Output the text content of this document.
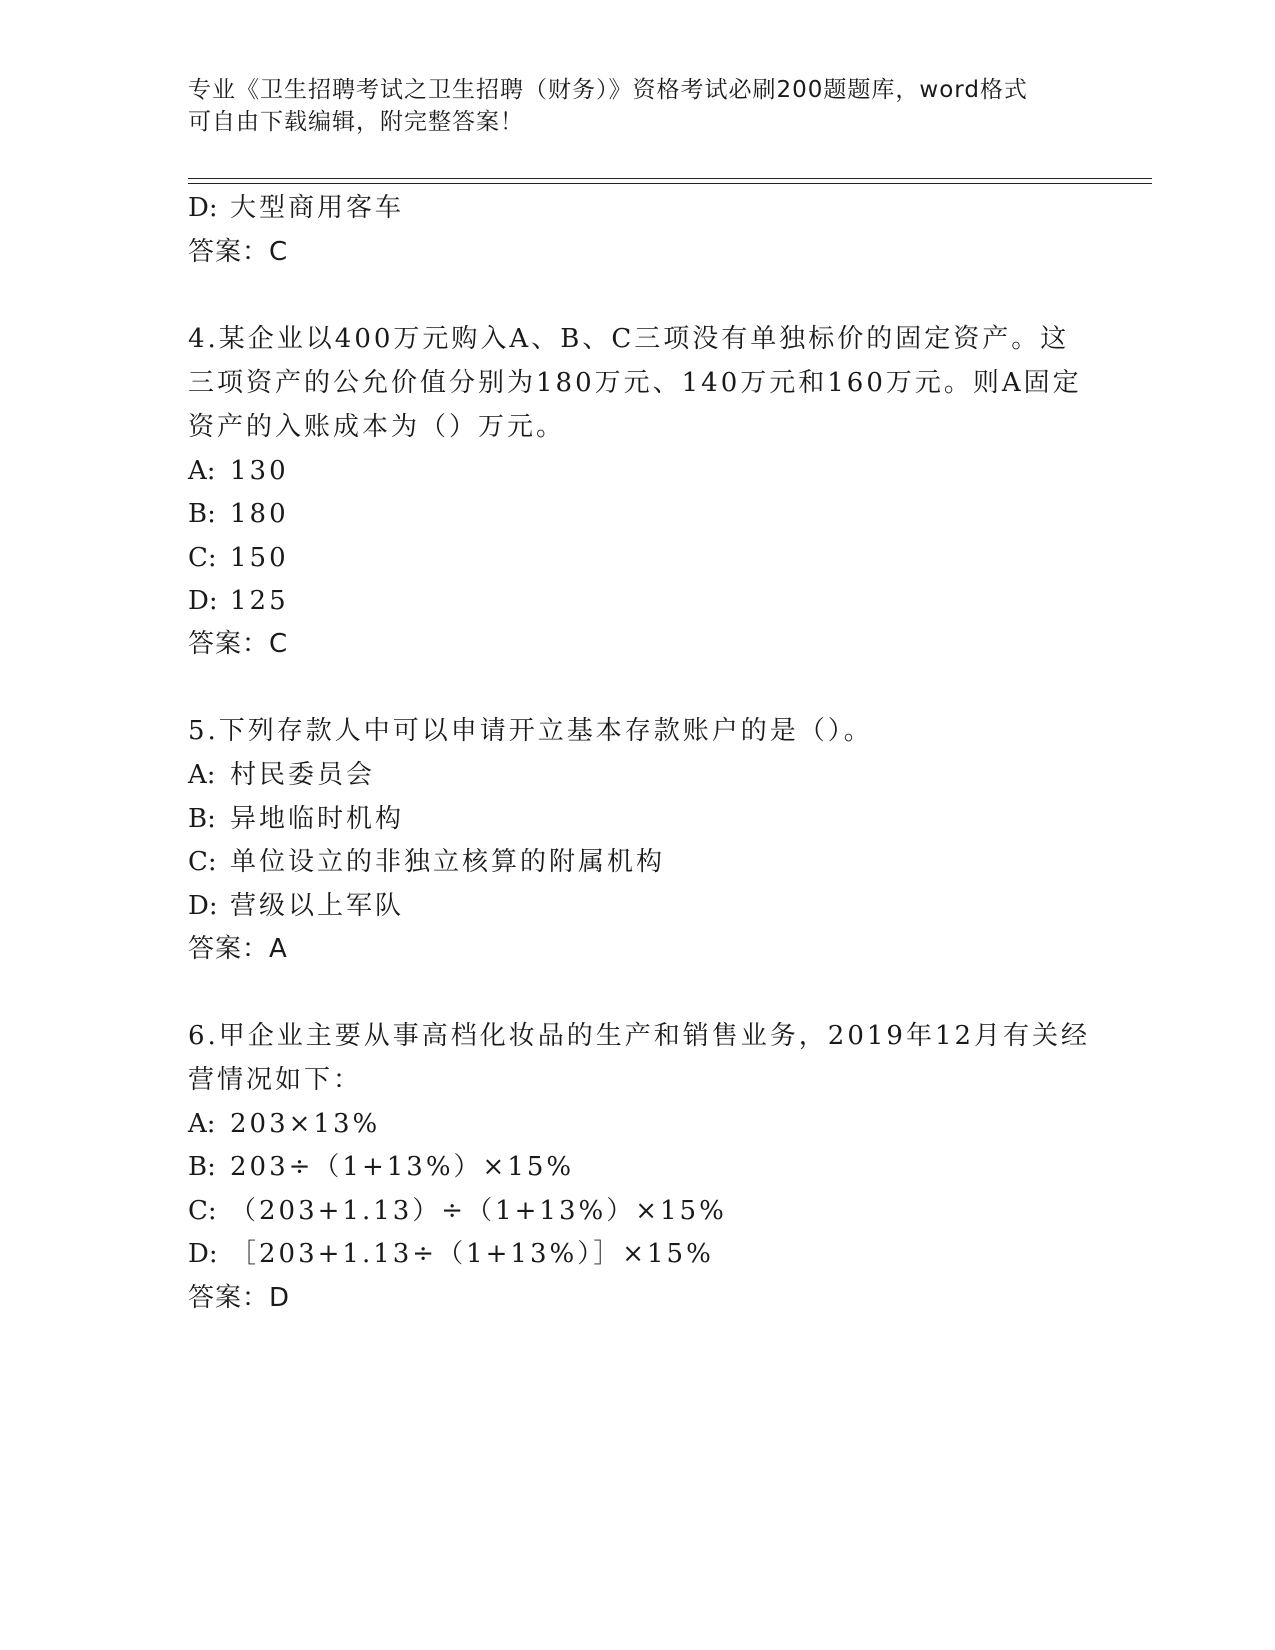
专业《卫生招聘考试之卫生招聘（财务）》资格考试必刷200题题库，word格式
可自由下载编辑，附完整答案！
D: 大型商用客车
答案：C
4.某企业以400万元购入A、B、C三项没有单独标价的固定资产。这
三项资产的公允价值分别为180万元、140万元和160万元。则A固定
资产的入账成本为（）万元。
A: 130
B: 180
C: 150
D: 125
答案：C
5.下列存款人中可以申请开立基本存款账户的是（）。
A: 村民委员会
B: 异地临时机构
C: 单位设立的非独立核算的附属机构
D: 营级以上军队
答案：A
6.甲企业主要从事高档化妆品的生产和销售业务，2019年12月有关经
营情况如下：
A: 203×13%
B: 203÷（1+13%）×15%
C: （203+1.13）÷（1+13%）×15%
D: ［203+1.13÷（1+13%）］×15%
答案：D
